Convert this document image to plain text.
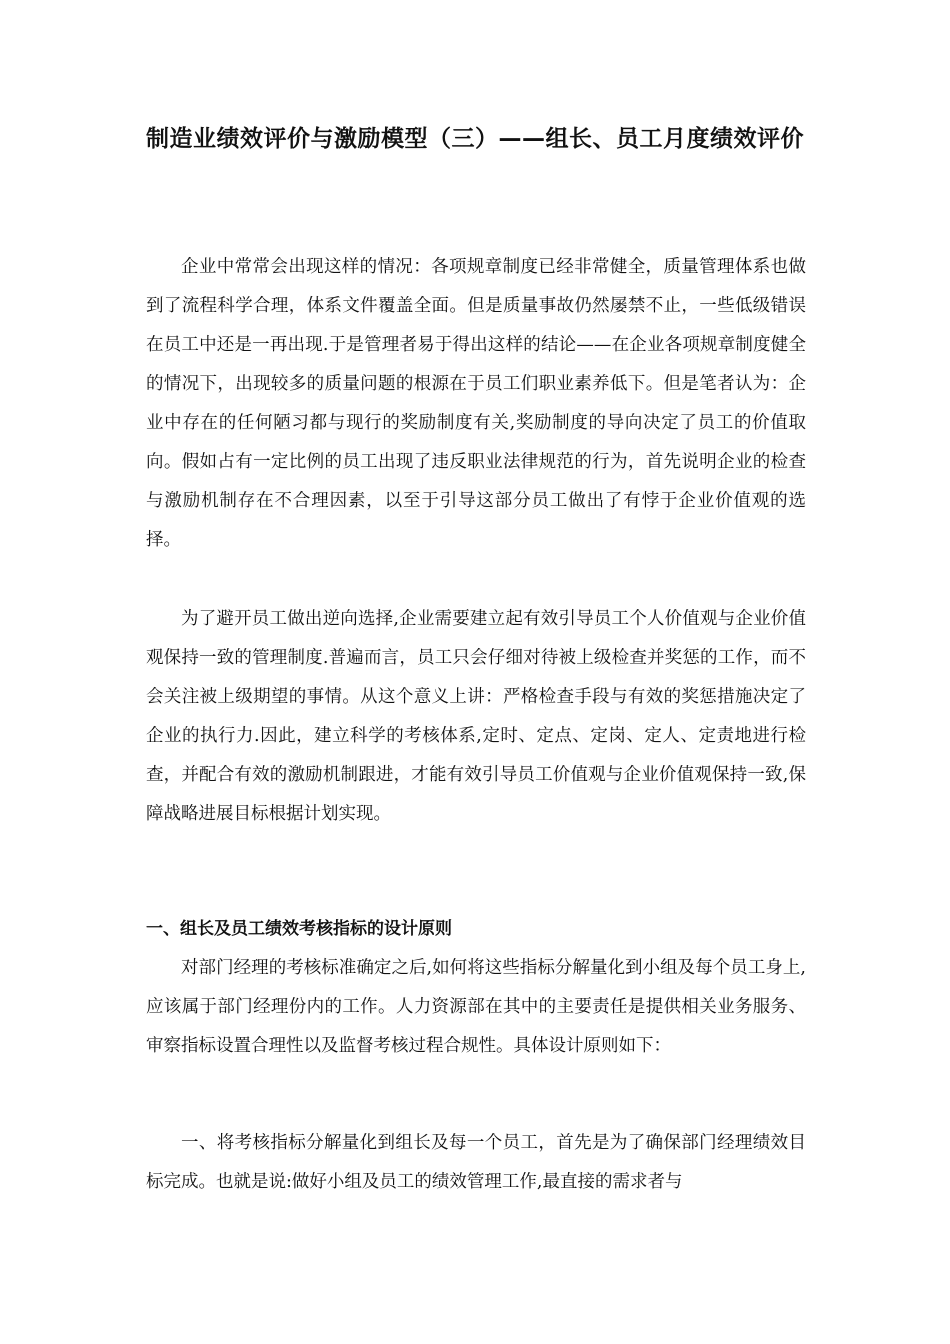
制造业绩效评价与激励模型（三）——组长、员工月度绩效评价

企业中常常会出现这样的情况：各项规章制度已经非常健全，质量管理体系也做到了流程科学合理，体系文件覆盖全面。但是质量事故仍然屡禁不止，一些低级错误在员工中还是一再出现.于是管理者易于得出这样的结论——在企业各项规章制度健全的情况下，出现较多的质量问题的根源在于员工们职业素养低下。但是笔者认为：企业中存在的任何陋习都与现行的奖励制度有关,奖励制度的导向决定了员工的价值取向。假如占有一定比例的员工出现了违反职业法律规范的行为，首先说明企业的检查与激励机制存在不合理因素，以至于引导这部分员工做出了有悖于企业价值观的选择。

为了避开员工做出逆向选择,企业需要建立起有效引导员工个人价值观与企业价值观保持一致的管理制度.普遍而言，员工只会仔细对待被上级检查并奖惩的工作，而不会关注被上级期望的事情。从这个意义上讲：严格检查手段与有效的奖惩措施决定了企业的执行力.因此，建立科学的考核体系,定时、定点、定岗、定人、定责地进行检查，并配合有效的激励机制跟进，才能有效引导员工价值观与企业价值观保持一致,保障战略进展目标根据计划实现。

一、组长及员工绩效考核指标的设计原则

对部门经理的考核标准确定之后,如何将这些指标分解量化到小组及每个员工身上,应该属于部门经理份内的工作。人力资源部在其中的主要责任是提供相关业务服务、审察指标设置合理性以及监督考核过程合规性。具体设计原则如下：

一、将考核指标分解量化到组长及每一个员工，首先是为了确保部门经理绩效目标完成。也就是说:做好小组及员工的绩效管理工作,最直接的需求者与
